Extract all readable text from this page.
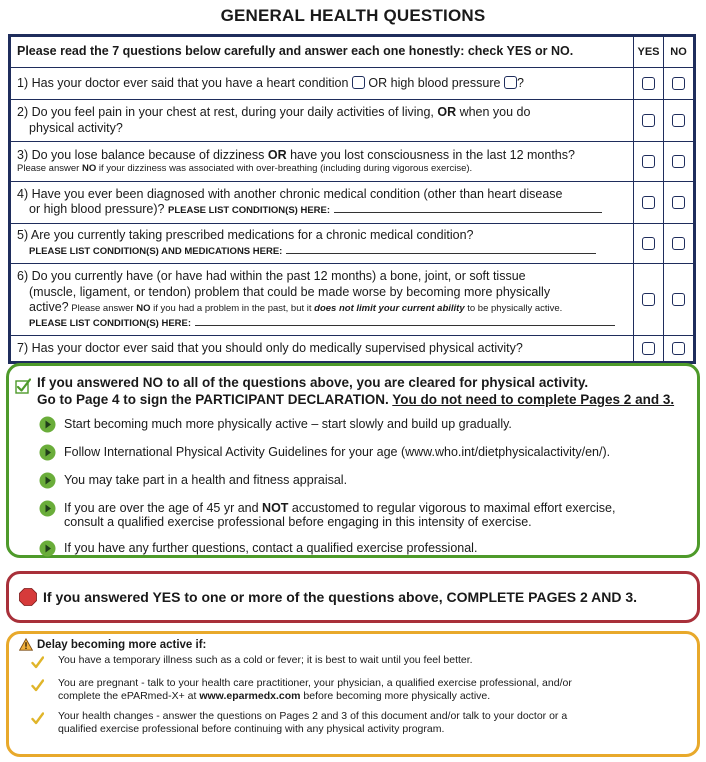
GENERAL HEALTH QUESTIONS
Please read the 7 questions below carefully and answer each one honestly: check YES or NO.	YES NO
1) Has your doctor ever said that you have a heart condition OR high blood pressure ?
2) Do you feel pain in your chest at rest, during your daily activities of living, OR when you do
physical activity?
3) Do you lose balance because of dizziness OR have you lost consciousness in the last 12 months?
Please answer NO if your dizziness was associated with over-breathing (including during vigorous exercise).
4) Have you ever been diagnosed with another chronic medical condition (other than heart disease
or high blood pressure)? PLEASE LIST CONDITION(S) HERE:
5) Are you currently taking prescribed medications for a chronic medical condition?
PLEASE LIST CONDITION(S) AND MEDICATIONS HERE:
6) Do you currently have (or have had within the past 12 months) a bone, joint, or soft tissue
(muscle, ligament, or tendon) problem that could be made worse by becoming more physically
active? Please answer NO if you had a problem in the past, but it does not limit your current ability to be physically active.
PLEASE LIST CONDITION(S) HERE:
7) Has your doctor ever said that you should only do medically supervised physical activity?
If you answered NO to all of the questions above, you are cleared for physical activity.
Go to Page 4 to sign the PARTICIPANT DECLARATION. You do not need to complete Pages 2 and 3.
Start becoming much more physically active – start slowly and build up gradually.
Follow International Physical Activity Guidelines for your age (www.who.int/dietphysicalactivity/en/).
You may take part in a health and fitness appraisal.
If you are over the age of 45 yr and NOT accustomed to regular vigorous to maximal effort exercise,
consult a qualified exercise professional before engaging in this intensity of exercise.
If you have any further questions, contact a qualified exercise professional.
If you answered YES to one or more of the questions above, COMPLETE PAGES 2 AND 3.
Delay becoming more active if:
You have a temporary illness such as a cold or fever; it is best to wait until you feel better.
You are pregnant - talk to your health care practitioner, your physician, a qualified exercise professional, and/or
complete the ePARmed-X+ at www.eparmedx.com before becoming more physically active.
Your health changes - answer the questions on Pages 2 and 3 of this document and/or talk to your doctor or a
qualified exercise professional before continuing with any physical activity program.
